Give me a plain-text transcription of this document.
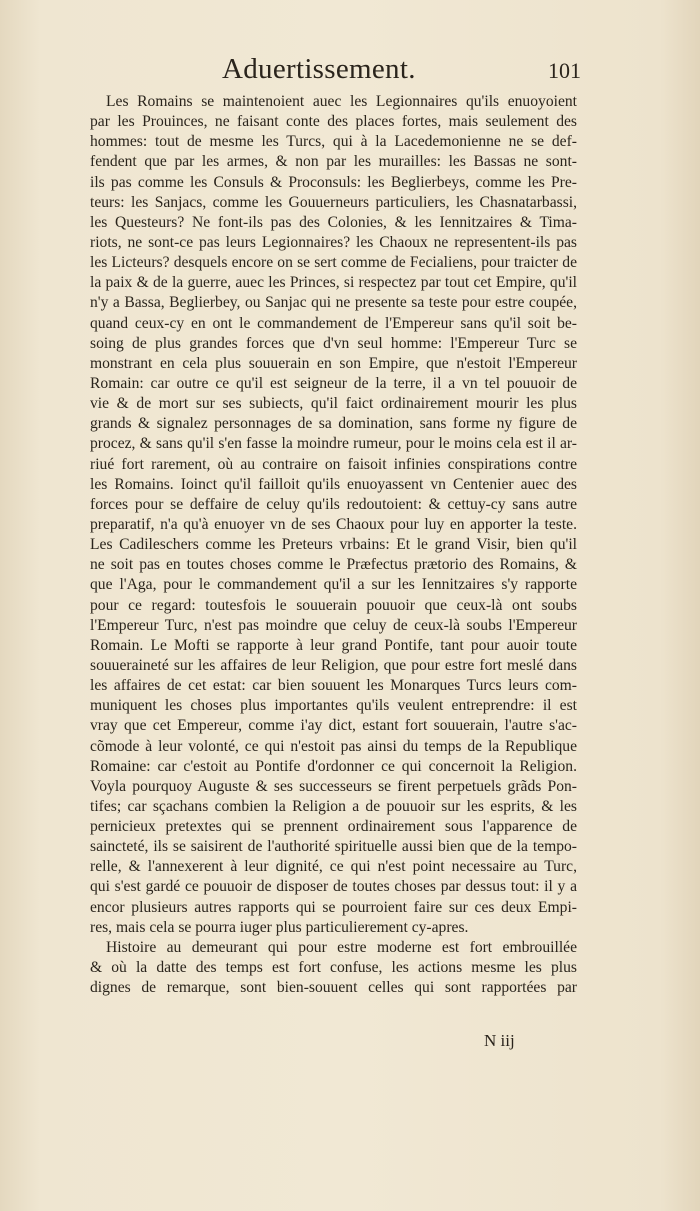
Aduertissement.	101
Les Romains se maintenoient auec les Legionnaires qu'ils enuoyoient
par les Prouinces, ne faisant conte des places fortes, mais seulement des
hommes: tout de mesme les Turcs, qui à la Lacedemonienne ne se def-
fendent que par les armes, & non par les murailles: les Bassas ne sont-
ils pas comme les Consuls & Proconsuls: les Beglierbeys, comme les Pre-
teurs: les Sanjacs, comme les Gouuerneurs particuliers, les Chasnatarbassi,
les Questeurs? Ne font-ils pas des Colonies, & les Iennitzaires & Tima-
riots, ne sont-ce pas leurs Legionnaires? les Chaoux ne representent-ils pas
les Licteurs? desquels encore on se sert comme de Fecialiens, pour traicter de
la paix & de la guerre, auec les Princes, si respectez par tout cet Empire, qu'il
n'y a Bassa, Beglierbey, ou Sanjac qui ne presente sa teste pour estre coupée,
quand ceux-cy en ont le commandement de l'Empereur sans qu'il soit be-
soing de plus grandes forces que d'vn seul homme: l'Empereur Turc se
monstrant en cela plus souuerain en son Empire, que n'estoit l'Empereur
Romain: car outre ce qu'il est seigneur de la terre, il a vn tel pouuoir de
vie & de mort sur ses subiects, qu'il faict ordinairement mourir les plus
grands & signalez personnages de sa domination, sans forme ny figure de
procez, & sans qu'il s'en fasse la moindre rumeur, pour le moins cela est il ar-
riué fort rarement, où au contraire on faisoit infinies conspirations contre
les Romains. Ioinct qu'il failloit qu'ils enuoyassent vn Centenier auec des
forces pour se deffaire de celuy qu'ils redoutoient: & cettuy-cy sans autre
preparatif, n'a qu'à enuoyer vn de ses Chaoux pour luy en apporter la teste.
Les Cadileschers comme les Preteurs vrbains: Et le grand Visir, bien qu'il
ne soit pas en toutes choses comme le Præfectus prætorio des Romains, &
que l'Aga, pour le commandement qu'il a sur les Iennitzaires s'y rapporte
pour ce regard: toutesfois le souuerain pouuoir que ceux-là ont soubs
l'Empereur Turc, n'est pas moindre que celuy de ceux-là soubs l'Empereur
Romain. Le Mofti se rapporte à leur grand Pontife, tant pour auoir toute
souueraineté sur les affaires de leur Religion, que pour estre fort meslé dans
les affaires de cet estat: car bien souuent les Monarques Turcs leurs com-
muniquent les choses plus importantes qu'ils veulent entreprendre: il est
vray que cet Empereur, comme i'ay dict, estant fort souuerain, l'autre s'ac-
cõmode à leur volonté, ce qui n'estoit pas ainsi du temps de la Republique
Romaine: car c'estoit au Pontife d'ordonner ce qui concernoit la Religion.
Voyla pourquoy Auguste & ses successeurs se firent perpetuels grãds Pon-
tifes; car sçachans combien la Religion a de pouuoir sur les esprits, & les
pernicieux pretextes qui se prennent ordinairement sous l'apparence de
saincteté, ils se saisirent de l'authorité spirituelle aussi bien que de la tempo-
relle, & l'annexerent à leur dignité, ce qui n'est point necessaire au Turc,
qui s'est gardé ce pouuoir de disposer de toutes choses par dessus tout: il y a
encor plusieurs autres rapports qui se pourroient faire sur ces deux Empi-
res, mais cela se pourra iuger plus particulierement cy-apres.
Histoire au demeurant qui pour estre moderne est fort embrouillée
& où la datte des temps est fort confuse, les actions mesme les plus
dignes de remarque, sont bien-souuent celles qui sont rapportées par
N iij
